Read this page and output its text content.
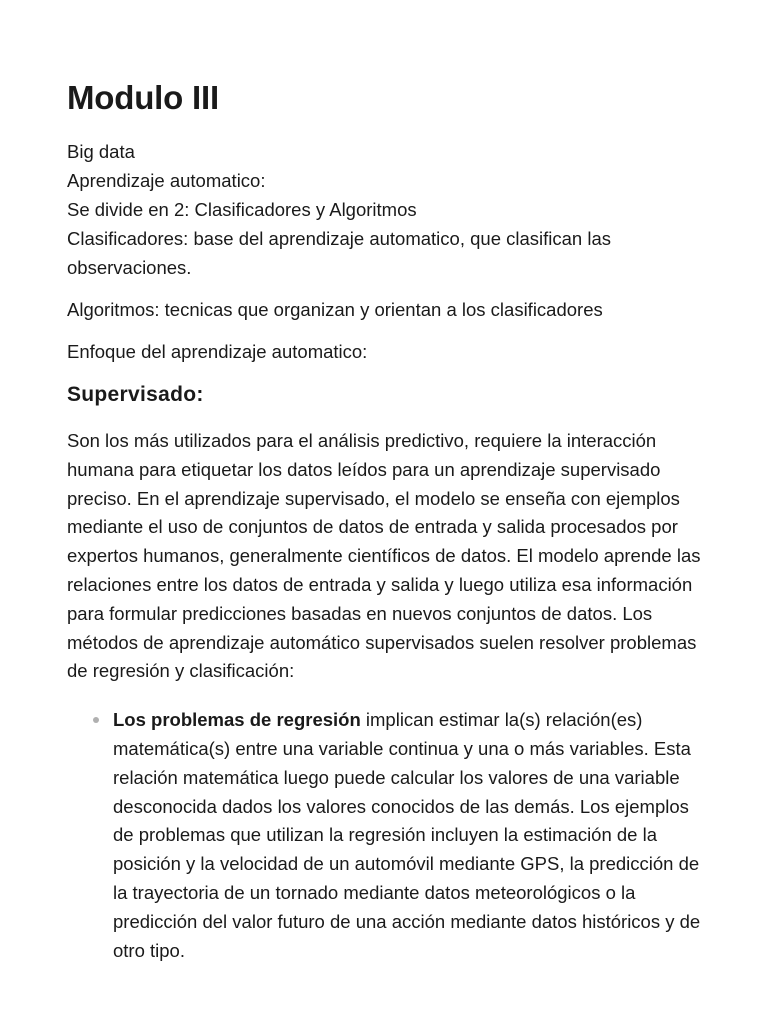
Modulo III
Big data
Aprendizaje automatico:
Se divide en 2: Clasificadores y Algoritmos
Clasificadores: base del aprendizaje automatico, que clasifican las observaciones.

Algoritmos: tecnicas que organizan y orientan a los clasificadores

Enfoque del aprendizaje automatico:

Supervisado:

Son los más utilizados para el análisis predictivo, requiere la interacción humana para etiquetar los datos leídos para un aprendizaje supervisado preciso. En el aprendizaje supervisado, el modelo se enseña con ejemplos mediante el uso de conjuntos de datos de entrada y salida procesados por expertos humanos, generalmente científicos de datos. El modelo aprende las relaciones entre los datos de entrada y salida y luego utiliza esa información para formular predicciones basadas en nuevos conjuntos de datos. Los métodos de aprendizaje automático supervisados suelen resolver problemas de regresión y clasificación:

Los problemas de regresión implican estimar la(s) relación(es) matemática(s) entre una variable continua y una o más variables. Esta relación matemática luego puede calcular los valores de una variable desconocida dados los valores conocidos de las demás. Los ejemplos de problemas que utilizan la regresión incluyen la estimación de la posición y la velocidad de un automóvil mediante GPS, la predicción de la trayectoria de un tornado mediante datos meteorológicos o la predicción del valor futuro de una acción mediante datos históricos y de otro tipo.
